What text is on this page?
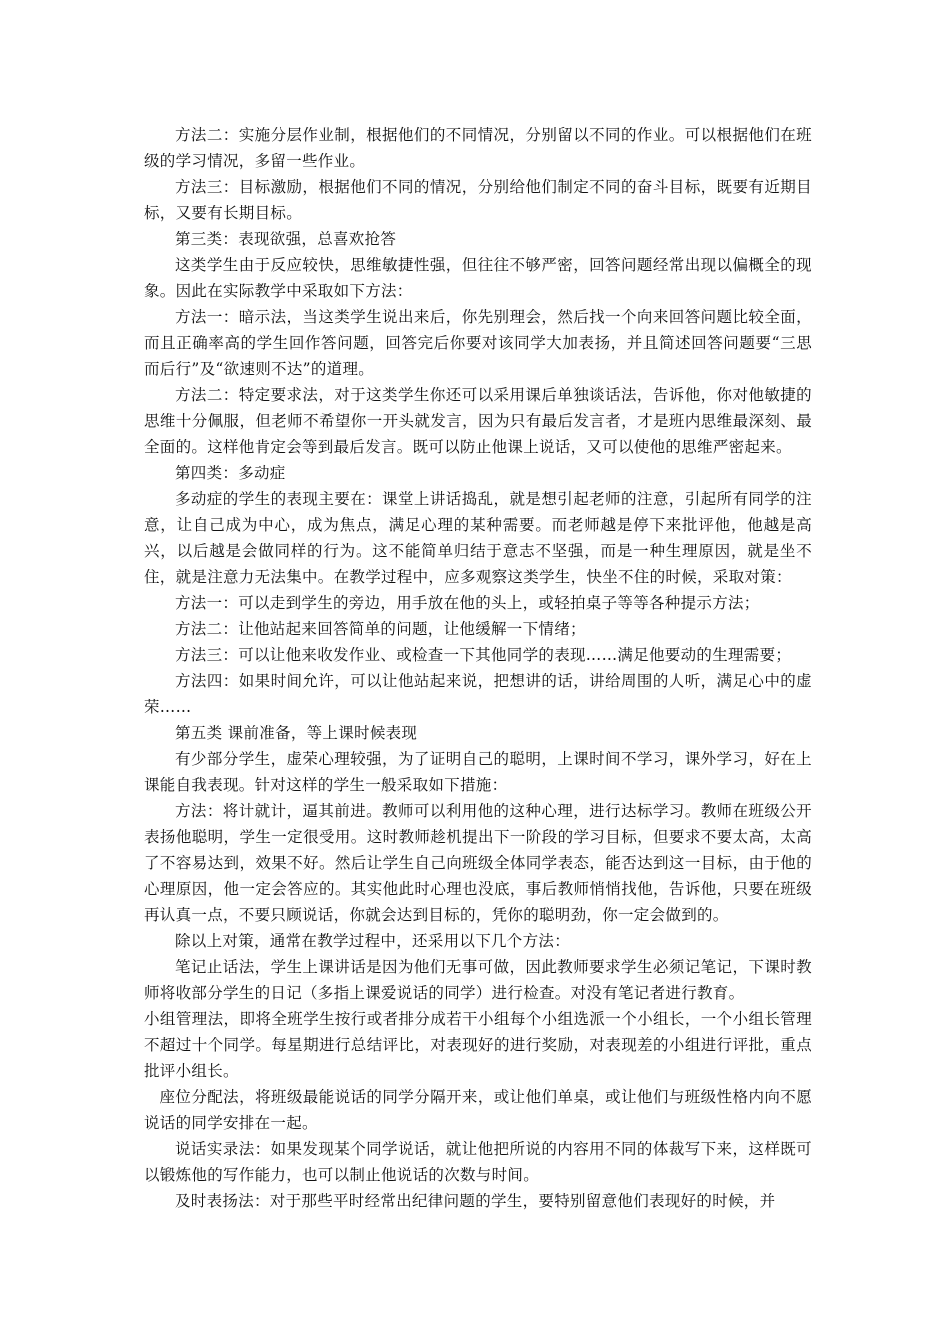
方法二：实施分层作业制，根据他们的不同情况，分别留以不同的作业。可以根据他们在班级的学习情况，多留一些作业。

方法三：目标激励，根据他们不同的情况，分别给他们制定不同的奋斗目标，既要有近期目标，又要有长期目标。

第三类：表现欲强，总喜欢抢答

这类学生由于反应较快，思维敏捷性强，但往往不够严密，回答问题经常出现以偏概全的现象。因此在实际教学中采取如下方法：

方法一：暗示法，当这类学生说出来后，你先别理会，然后找一个向来回答问题比较全面，而且正确率高的学生回作答问题，回答完后你要对该同学大加表扬，并且简述回答问题要“三思而后行”及“欲速则不达”的道理。

方法二：特定要求法，对于这类学生你还可以采用课后单独谈话法，告诉他，你对他敏捷的思维十分佩服，但老师不希望你一开头就发言，因为只有最后发言者，才是班内思维最深刻、最全面的。这样他肯定会等到最后发言。既可以防止他课上说话，又可以使他的思维严密起来。

第四类：多动症

多动症的学生的表现主要在：课堂上讲话捣乱，就是想引起老师的注意，引起所有同学的注意，让自己成为中心，成为焦点，满足心理的某种需要。而老师越是停下来批评他，他越是高兴，以后越是会做同样的行为。这不能简单归结于意志不坚强，而是一种生理原因，就是坐不住，就是注意力无法集中。在教学过程中，应多观察这类学生，快坐不住的时候，采取对策：

方法一：可以走到学生的旁边，用手放在他的头上，或轻拍桌子等等各种提示方法；

方法二：让他站起来回答简单的问题，让他缓解一下情绪；

方法三：可以让他来收发作业、或检查一下其他同学的表现……满足他要动的生理需要；

方法四：如果时间允许，可以让他站起来说，把想讲的话，讲给周围的人听，满足心中的虚荣……

第五类 课前准备，等上课时候表现

有少部分学生，虚荣心理较强，为了证明自己的聪明，上课时间不学习，课外学习，好在上课能自我表现。针对这样的学生一般采取如下措施：

方法：将计就计，逼其前进。教师可以利用他的这种心理，进行达标学习。教师在班级公开表扬他聪明，学生一定很受用。这时教师趁机提出下一阶段的学习目标，但要求不要太高，太高了不容易达到，效果不好。然后让学生自己向班级全体同学表态，能否达到这一目标，由于他的心理原因，他一定会答应的。其实他此时心理也没底，事后教师悄悄找他，告诉他，只要在班级再认真一点，不要只顾说话，你就会达到目标的，凭你的聪明劲，你一定会做到的。

除以上对策，通常在教学过程中，还采用以下几个方法：

笔记止话法，学生上课讲话是因为他们无事可做，因此教师要求学生必须记笔记，下课时教师将收部分学生的日记（多指上课爱说话的同学）进行检查。对没有笔记者进行教育。

小组管理法，即将全班学生按行或者排分成若干小组每个小组选派一个小组长，一个小组长管理不超过十个同学。每星期进行总结评比，对表现好的进行奖励，对表现差的小组进行评批，重点批评小组长。

座位分配法，将班级最能说话的同学分隔开来，或让他们单桌，或让他们与班级性格内向不愿说话的同学安排在一起。

说话实录法：如果发现某个同学说话，就让他把所说的内容用不同的体裁写下来，这样既可以锻炼他的写作能力，也可以制止他说话的次数与时间。

及时表扬法：对于那些平时经常出纪律问题的学生，要特别留意他们表现好的时候，并
